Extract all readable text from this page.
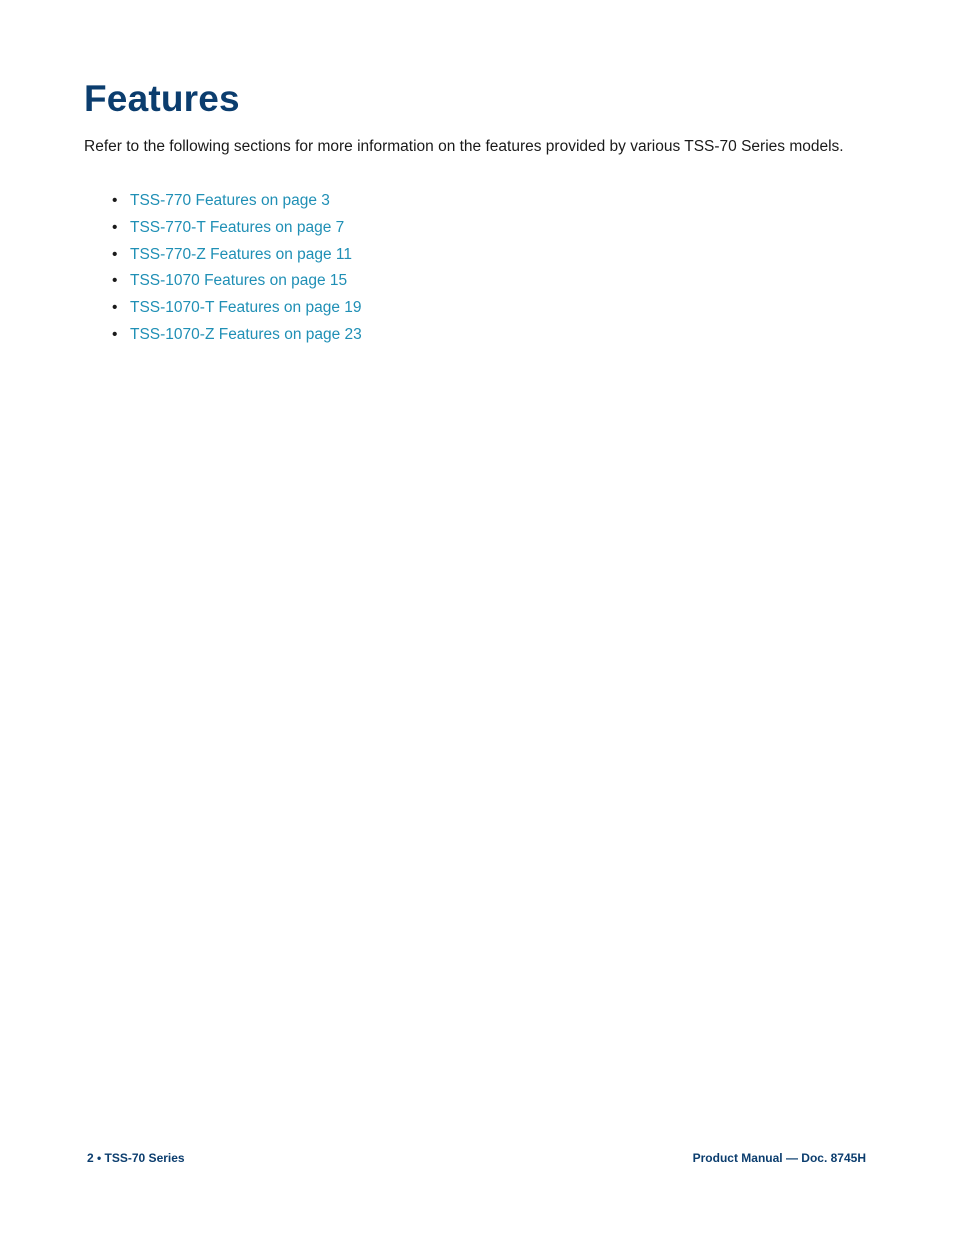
Features

Refer to the following sections for more information on the features provided by various TSS-70 Series models.

• TSS-770 Features on page 3
• TSS-770-T Features on page 7
• TSS-770-Z Features on page 11
• TSS-1070 Features on page 15
• TSS-1070-T Features on page 19
• TSS-1070-Z Features on page 23
2 • TSS-70 Series	Product Manual — Doc. 8745H
